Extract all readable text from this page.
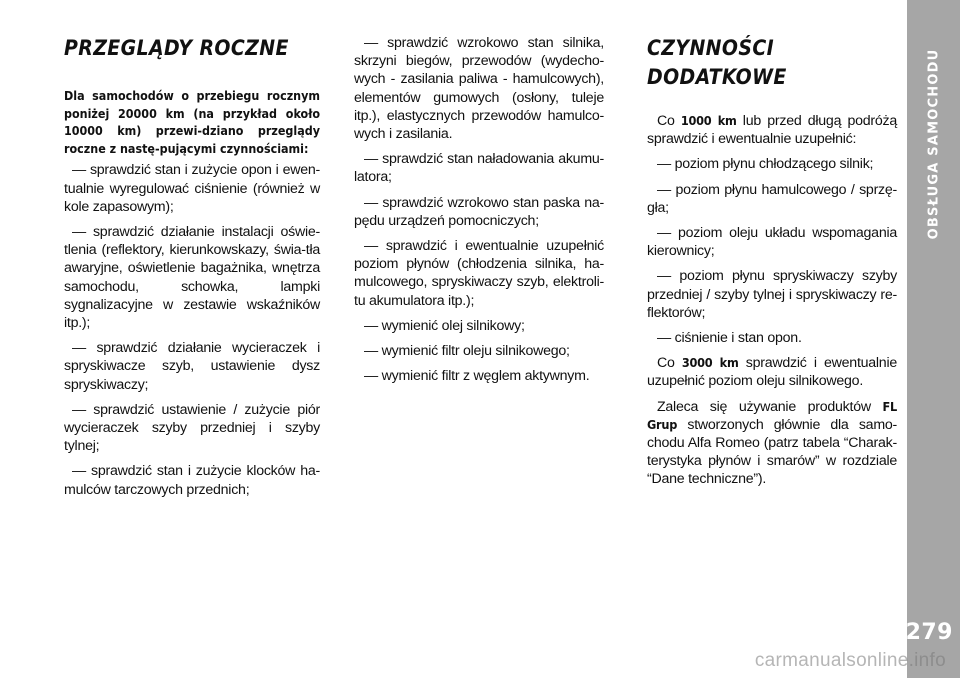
PRZEGLĄDY ROCZNE
Dla samochodów o przebiegu rocznym poniżej 20000 km (na przykład około 10000 km) przewi-dziano przeglądy roczne z nastę-pującymi czynnościami:

— sprawdzić stan i zużycie opon i ewen-tualnie wyregulować ciśnienie (również w kole zapasowym);

— sprawdzić działanie instalacji oświe-tlenia (reflektory, kierunkowskazy, świa-tła awaryjne, oświetlenie bagażnika, wnętrza samochodu, schowka, lampki sygnalizacyjne w zestawie wskaźników itp.);

— sprawdzić działanie wycieraczek i spryskiwacze szyb, ustawienie dysz spryskiwaczy;

— sprawdzić ustawienie / zużycie piór wycieraczek szyby przedniej i szyby tylnej;

— sprawdzić stan i zużycie klocków ha-mulców tarczowych przednich;

— sprawdzić wzrokowo stan silnika, skrzyni biegów, przewodów (wydecho-wych - zasilania paliwa - hamulcowych), elementów gumowych (osłony, tuleje itp.), elastycznych przewodów hamulco-wych i zasilania.

— sprawdzić stan naładowania akumu-latora;

— sprawdzić wzrokowo stan paska na-pędu urządzeń pomocniczych;

— sprawdzić i ewentualnie uzupełnić poziom płynów (chłodzenia silnika, ha-mulcowego, spryskiwaczy szyb, elektroli-tu akumulatora itp.);

— wymienić olej silnikowy;

— wymienić filtr oleju silnikowego;

— wymienić filtr z węglem aktywnym.

CZYNNOŚCI
DODATKOWE

Co 1000 km lub przed długą podróżą sprawdzić i ewentualnie uzupełnić:

— poziom płynu chłodzącego silnik;

— poziom płynu hamulcowego / sprzę-gła;

— poziom oleju układu wspomagania kierownicy;

— poziom płynu spryskiwaczy szyby przedniej / szyby tylnej i spryskiwaczy re-flektorów;

— ciśnienie i stan opon.

Co 3000 km sprawdzić i ewentualnie uzupełnić poziom oleju silnikowego.

Zaleca się używanie produktów FL Grup stworzonych głównie dla samo-chodu Alfa Romeo (patrz tabela “Charak-terystyka płynów i smarów” w rozdziale “Dane techniczne”).

OBSŁUGA SAMOCHODU
279
carmanualsonline.info
